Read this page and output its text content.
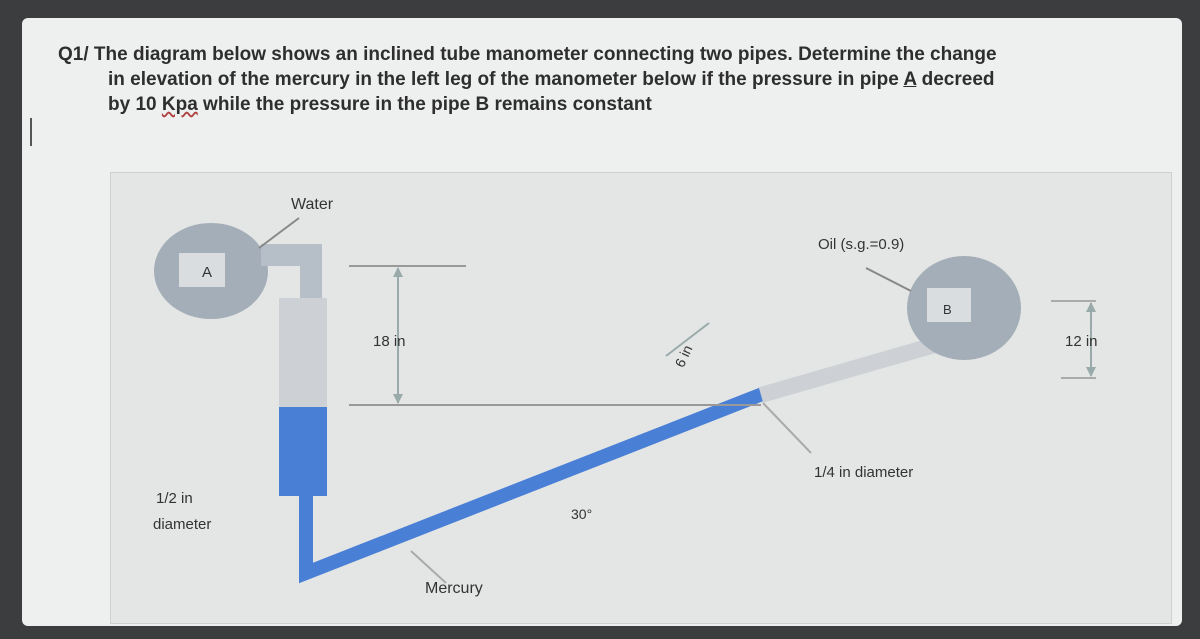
Q1/ The diagram below shows an inclined tube manometer connecting two pipes. Determine the change
in elevation of the mercury in the left leg of the manometer below if the pressure in pipe A decreed
by 10 Kpa while the pressure in the pipe B remains constant
A
B
18 in	12 in
6 in
Water
Oil (s.g.=0.9)
1/4 in diameter
1/2 in
diameter
30°
Mercury
